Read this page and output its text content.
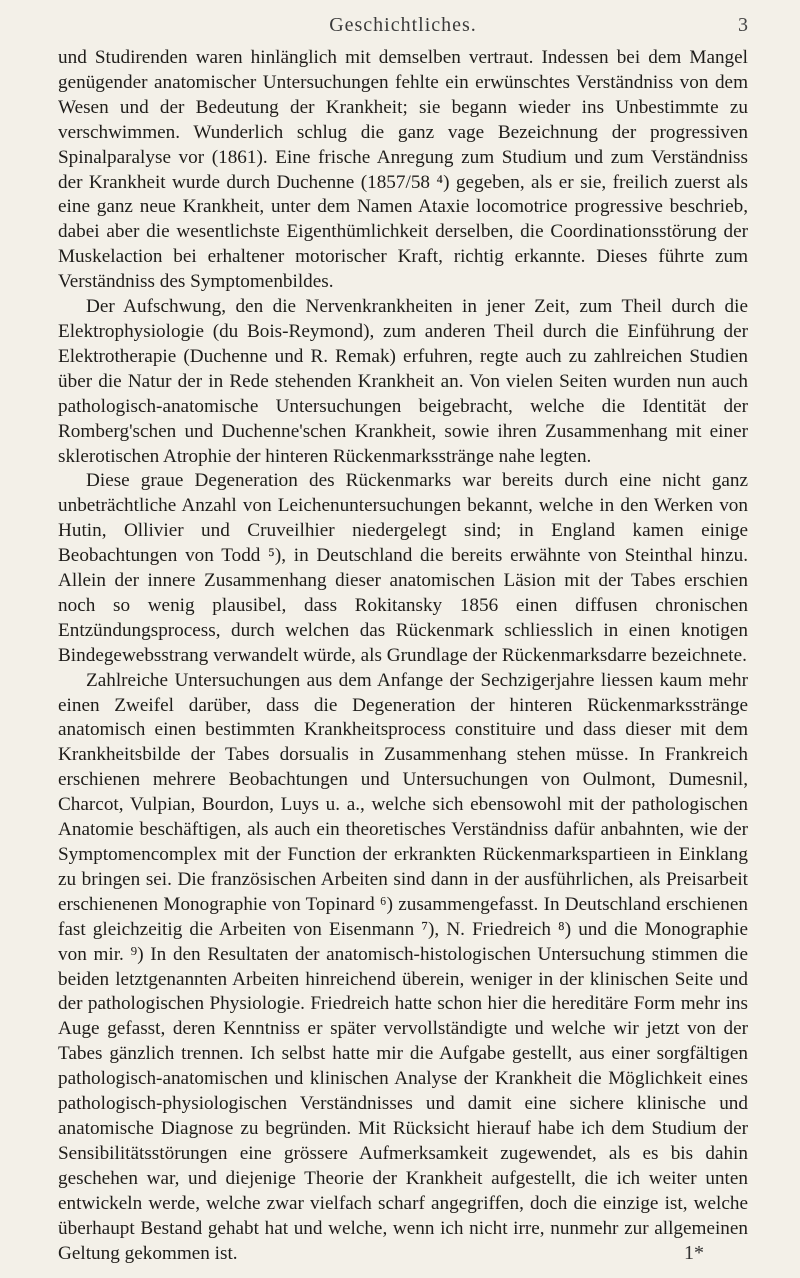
Geschichtliches.	3

und Studirenden waren hinlänglich mit demselben vertraut. Indessen bei dem Mangel genügender anatomischer Untersuchungen fehlte ein erwünschtes Verständniss von dem Wesen und der Bedeutung der Krankheit; sie begann wieder ins Unbestimmte zu verschwimmen. Wunderlich schlug die ganz vage Bezeichnung der progressiven Spinalparalyse vor (1861). Eine frische Anregung zum Studium und zum Verständniss der Krankheit wurde durch Duchenne (1857/58 ⁴) gegeben, als er sie, freilich zuerst als eine ganz neue Krankheit, unter dem Namen Ataxie locomotrice progressive beschrieb, dabei aber die wesentlichste Eigenthümlichkeit derselben, die Coordinationsstörung der Muskelaction bei erhaltener motorischer Kraft, richtig erkannte. Dieses führte zum Verständniss des Symptomenbildes.

Der Aufschwung, den die Nervenkrankheiten in jener Zeit, zum Theil durch die Elektrophysiologie (du Bois-Reymond), zum anderen Theil durch die Einführung der Elektrotherapie (Duchenne und R. Remak) erfuhren, regte auch zu zahlreichen Studien über die Natur der in Rede stehenden Krankheit an. Von vielen Seiten wurden nun auch pathologisch-anatomische Untersuchungen beigebracht, welche die Identität der Romberg'schen und Duchenne'schen Krankheit, sowie ihren Zusammenhang mit einer sklerotischen Atrophie der hinteren Rückenmarksstränge nahe legten.

Diese graue Degeneration des Rückenmarks war bereits durch eine nicht ganz unbeträchtliche Anzahl von Leichenuntersuchungen bekannt, welche in den Werken von Hutin, Ollivier und Cruveilhier niedergelegt sind; in England kamen einige Beobachtungen von Todd ⁵), in Deutschland die bereits erwähnte von Steinthal hinzu. Allein der innere Zusammenhang dieser anatomischen Läsion mit der Tabes erschien noch so wenig plausibel, dass Rokitansky 1856 einen diffusen chronischen Entzündungsprocess, durch welchen das Rückenmark schliesslich in einen knotigen Bindegewebsstrang verwandelt würde, als Grundlage der Rückenmarksdarre bezeichnete.

Zahlreiche Untersuchungen aus dem Anfange der Sechzigerjahre liessen kaum mehr einen Zweifel darüber, dass die Degeneration der hinteren Rückenmarksstränge anatomisch einen bestimmten Krankheitsprocess constituire und dass dieser mit dem Krankheitsbilde der Tabes dorsualis in Zusammenhang stehen müsse. In Frankreich erschienen mehrere Beobachtungen und Untersuchungen von Oulmont, Dumesnil, Charcot, Vulpian, Bourdon, Luys u. a., welche sich ebensowohl mit der pathologischen Anatomie beschäftigen, als auch ein theoretisches Verständniss dafür anbahnten, wie der Symptomencomplex mit der Function der erkrankten Rückenmarkspartieen in Einklang zu bringen sei. Die französischen Arbeiten sind dann in der ausführlichen, als Preisarbeit erschienenen Monographie von Topinard ⁶) zusammengefasst. In Deutschland erschienen fast gleichzeitig die Arbeiten von Eisenmann ⁷), N. Friedreich ⁸) und die Monographie von mir. ⁹) In den Resultaten der anatomisch-histologischen Untersuchung stimmen die beiden letztgenannten Arbeiten hinreichend überein, weniger in der klinischen Seite und der pathologischen Physiologie. Friedreich hatte schon hier die hereditäre Form mehr ins Auge gefasst, deren Kenntniss er später vervollständigte und welche wir jetzt von der Tabes gänzlich trennen. Ich selbst hatte mir die Aufgabe gestellt, aus einer sorgfältigen pathologisch-anatomischen und klinischen Analyse der Krankheit die Möglichkeit eines pathologisch-physiologischen Verständnisses und damit eine sichere klinische und anatomische Diagnose zu begründen. Mit Rücksicht hierauf habe ich dem Studium der Sensibilitätsstörungen eine grössere Aufmerksamkeit zugewendet, als es bis dahin geschehen war, und diejenige Theorie der Krankheit aufgestellt, die ich weiter unten entwickeln werde, welche zwar vielfach scharf angegriffen, doch die einzige ist, welche überhaupt Bestand gehabt hat und welche, wenn ich nicht irre, nunmehr zur allgemeinen Geltung gekommen ist.	1*
